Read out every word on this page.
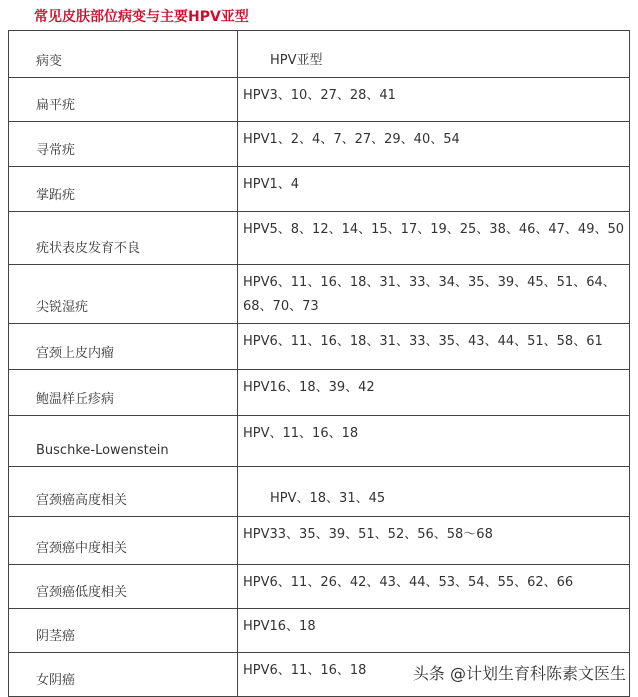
常见皮肤部位病变与主要HPV亚型
病变	HPV亚型

扁平疣	HPV3、10、27、28、41

寻常疣	HPV1、2、4、7、27、29、40、54

掌跖疣	HPV1、4

疣状表皮发育不良	HPV5、8、12、14、15、17、19、25、38、46、47、49、50

尖锐湿疣	HPV6、11、16、18、31、33、34、35、39、45、51、64、68、70、73

宫颈上皮内瘤	HPV6、11、16、18、31、33、35、43、44、51、58、61

鲍温样丘疹病	HPV16、18、39、42

Buschke-Lowenstein	HPV、11、16、18

宫颈癌高度相关	HPV、18、31、45

宫颈癌中度相关	HPV33、35、39、51、52、56、58～68

宫颈癌低度相关	HPV6、11、26、42、43、44、53、54、55、62、66

阴茎癌	HPV16、18

女阴癌	HPV6、11、16、18	头条 @计划生育科陈素文医生
